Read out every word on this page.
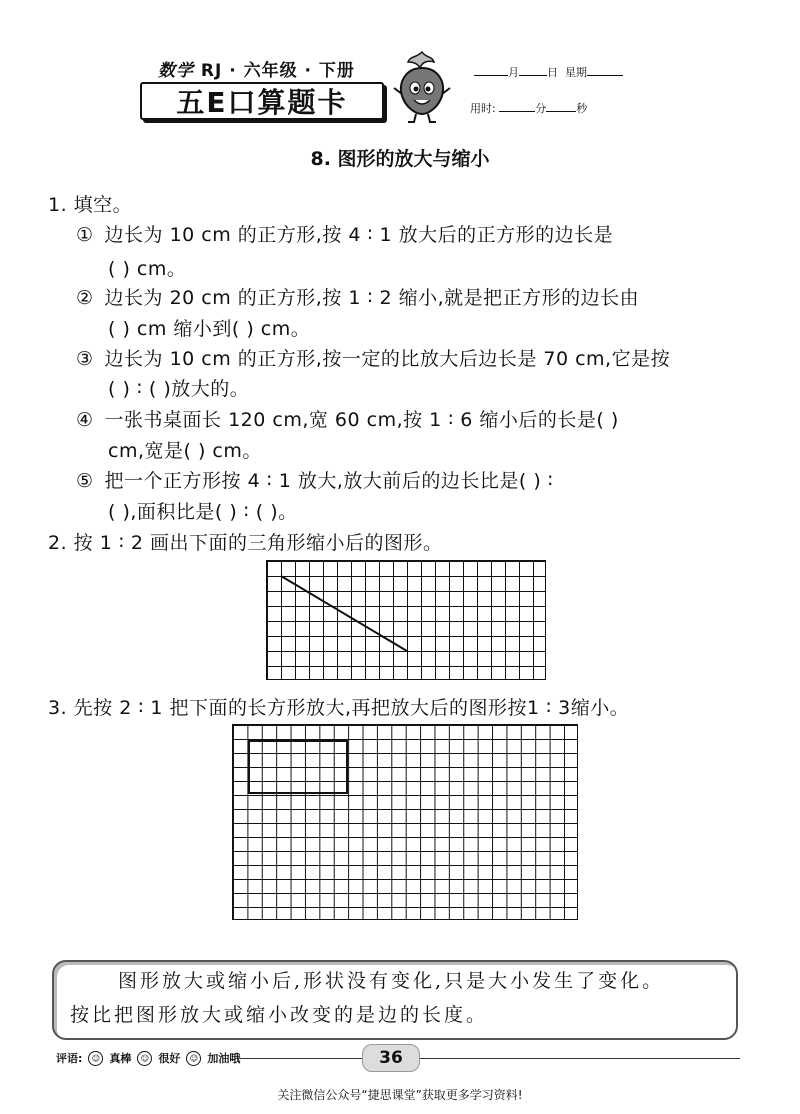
数学 RJ · 六年级 · 下册
五E口算题卡
月	日 星期
用时:	分	秒
8. 图形的放大与缩小
1. 填空。
① 边长为 10 cm 的正方形,按 4 ∶ 1 放大后的正方形的边长是
( ) cm。
② 边长为 20 cm 的正方形,按 1 ∶ 2 缩小,就是把正方形的边长由
( ) cm 缩小到( ) cm。
③ 边长为 10 cm 的正方形,按一定的比放大后边长是 70 cm,它是按
( ) ∶ ( )放大的。
④ 一张书桌面长 120 cm,宽 60 cm,按 1 ∶ 6 缩小后的长是( )
cm,宽是( ) cm。
⑤ 把一个正方形按 4 ∶ 1 放大,放大前后的边长比是( ) ∶
( ),面积比是( ) ∶ ( )。
2. 按 1 ∶ 2 画出下面的三角形缩小后的图形。
3. 先按 2 ∶ 1 把下面的长方形放大,再把放大后的图形按1 ∶ 3缩小。
图形放大或缩小后,形状没有变化,只是大小发生了变化。
按比把图形放大或缩小改变的是边的长度。
评语:	☺ 真棒	☺ 很好	☺ 加油哦	36
关注微信公众号“捷思课堂”获取更多学习资料!
